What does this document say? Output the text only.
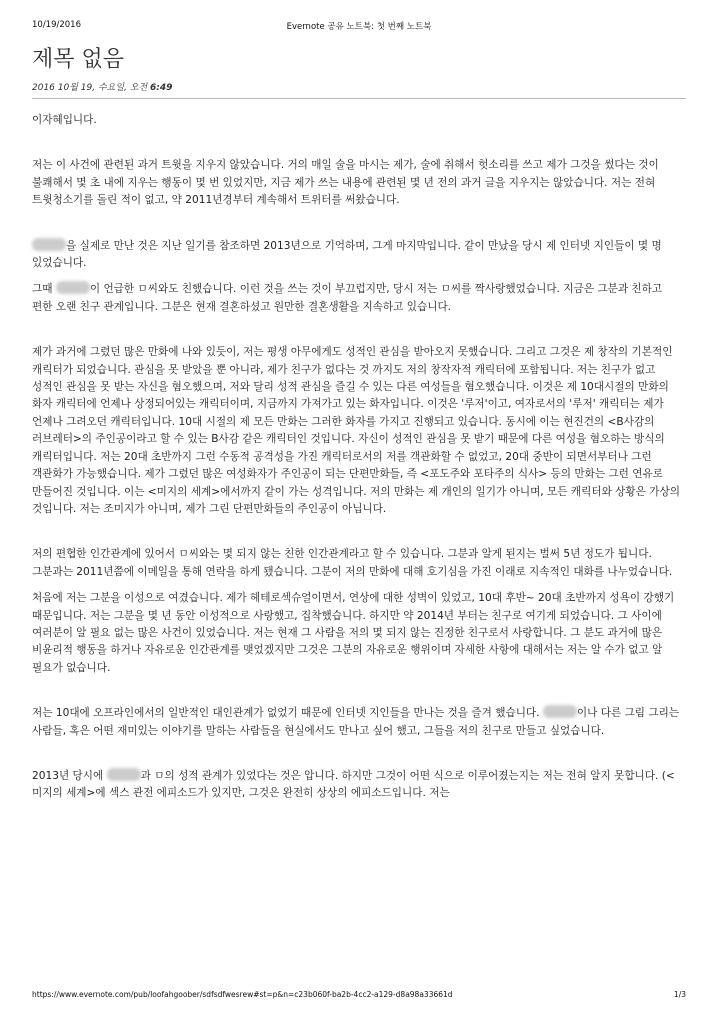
10/19/2016	Evernote 공유 노트북: 첫 번째 노트북
제목 없음
2016 10월 19, 수요일, 오전 6:49

이자혜입니다.

저는 이 사건에 관련된 과거 트윗을 지우지 않았습니다. 거의 매일 술을 마시는 제가, 술에 취해서 헛소리를 쓰고 제가 그것을 썼다는 것이 불쾌해서 몇 초 내에 지우는 행동이 몇 번 있었지만, 지금 제가 쓰는 내용에 관련된 몇 년 전의 과거 글을 지우지는 않았습니다. 저는 전혀 트윗청소기를 돌린 적이 없고, 약 2011년경부터 계속해서 트위터를 써왔습니다.

을 실제로 만난 것은 지난 일기를 참조하면 2013년으로 기억하며, 그게 마지막입니다. 같이 만났을 당시 제 인터넷 지인들이 몇 명 있었습니다.

그때	이 언급한 ㅁ씨와도 친했습니다. 이런 것을 쓰는 것이 부끄럽지만, 당시 저는 ㅁ씨를 짝사랑했었습니다. 지금은 그분과 친하고 편한 오랜 친구 관계입니다. 그분은 현재 결혼하셨고 원만한 결혼생활을 지속하고 있습니다.

제가 과거에 그렸던 많은 만화에 나와 있듯이, 저는 평생 아무에게도 성적인 관심을 받아오지 못했습니다. 그리고 그것은 제 창작의 기본적인 캐릭터가 되었습니다. 관심을 못 받았을 뿐 아니라, 제가 친구가 없다는 것 까지도 저의 창작자적 캐릭터에 포함됩니다. 저는 친구가 없고 성적인 관심을 못 받는 자신을 혐오했으며, 저와 달리 성적 관심을 즐길 수 있는 다른 여성들을 혐오했습니다. 이것은 제 10대시절의 만화의 화자 캐릭터에 언제나 상정되어있는 캐릭터이며, 지금까지 가져가고 있는 화자입니다. 이것은 '루저'이고, 여자로서의 '루저' 캐릭터는 제가 언제나 그려오던 캐릭터입니다. 10대 시절의 제 모든 만화는 그러한 화자를 가지고 진행되고 있습니다. 동시에 이는 현진건의 <B사감의 러브레터>의 주인공이라고 할 수 있는 B사감 같은 캐릭터인 것입니다. 자신이 성적인 관심을 못 받기 때문에 다른 여성을 혐오하는 방식의 캐릭터입니다. 저는 20대 초반까지 그런 수동적 공격성을 가진 캐릭터로서의 저를 객관화할 수 없었고, 20대 중반이 되면서부터나 그런 객관화가 가능했습니다. 제가 그렸던 많은 여성화자가 주인공이 되는 단편만화들, 즉 <포도주와 포타주의 식사> 등의 만화는 그런 연유로 만들어진 것입니다. 이는 <미지의 세계>에서까지 같이 가는 성격입니다. 저의 만화는 제 개인의 일기가 아니며, 모든 캐릭터와 상황은 가상의 것입니다. 저는 조미지가 아니며, 제가 그린 단편만화들의 주인공이 아닙니다.

저의 편협한 인간관계에 있어서 ㅁ씨와는 몇 되지 않는 친한 인간관계라고 할 수 있습니다. 그분과 알게 된지는 벌써 5년 정도가 됩니다. 그분과는 2011년쯤에 이메일을 통해 연락을 하게 됐습니다. 그분이 저의 만화에 대해 호기심을 가진 이래로 지속적인 대화를 나누었습니다.

처음에 저는 그분을 이성으로 여겼습니다. 제가 헤테로섹슈얼이면서, 연상에 대한 성벽이 있었고, 10대 후반~ 20대 초반까지 성욕이 강했기 때문입니다. 저는 그분을 몇 년 동안 이성적으로 사랑했고, 집착했습니다. 하지만 약 2014년 부터는 친구로 여기게 되었습니다. 그 사이에 여러분이 알 필요 없는 많은 사건이 있었습니다. 저는 현재 그 사람을 저의 몇 되지 않는 진정한 친구로서 사랑합니다. 그 분도 과거에 많은 비윤리적 행동을 하거나 자유로운 인간관계를 맺었겠지만 그것은 그분의 자유로운 행위이며 자세한 사항에 대해서는 저는 알 수가 없고 알 필요가 없습니다.

저는 10대에 오프라인에서의 일반적인 대인관계가 없었기 때문에 인터넷 지인들을 만나는 것을 즐겨 했습니다.	이나 다른 그림 그리는 사람들, 혹은 어떤 재미있는 이야기를 말하는 사람들을 현실에서도 만나고 싶어 했고, 그들을 저의 친구로 만들고 싶었습니다.

2013년 당시에	과 ㅁ의 성적 관계가 있었다는 것은 압니다. 하지만 그것이 어떤 식으로 이루어졌는지는 저는 전혀 알지 못합니다. (<미지의 세계>에 섹스 관전 에피소드가 있지만, 그것은 완전히 상상의 에피소드입니다. 저는

https://www.evernote.com/pub/loofahgoober/sdfsdfwesrew#st=p&n=c23b060f-ba2b-4cc2-a129-d8a98a33661d	1/3
